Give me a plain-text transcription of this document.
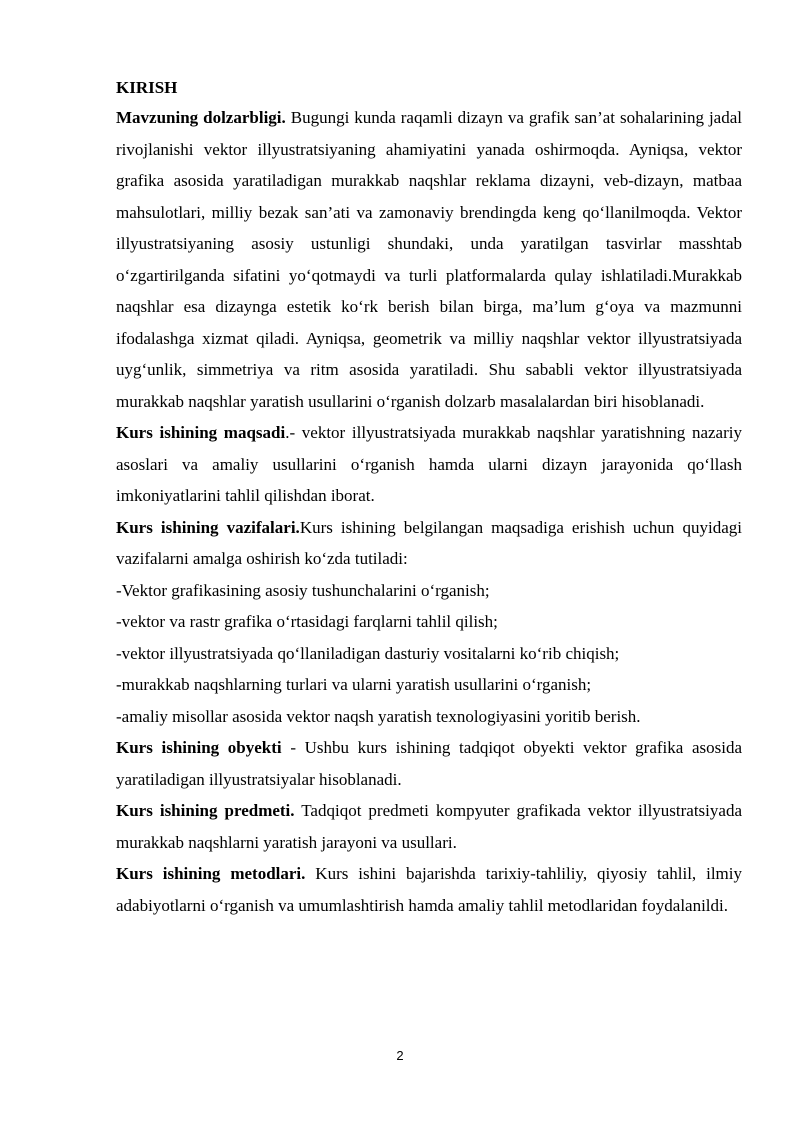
KIRISH

Mavzuning dolzarbligi. Bugungi kunda raqamli dizayn va grafik san’at sohalarining jadal rivojlanishi vektor illyustratsiyaning ahamiyatini yanada oshirmoqda. Ayniqsa, vektor grafika asosida yaratiladigan murakkab naqshlar reklama dizayni, veb-dizayn, matbaa mahsulotlari, milliy bezak san’ati va zamonaviy brendingda keng qo‘llanilmoqda. Vektor illyustratsiyaning asosiy ustunligi shundaki, unda yaratilgan tasvirlar masshtab o‘zgartirilganda sifatini yo‘qotmaydi va turli platformalarda qulay ishlatiladi.Murakkab naqshlar esa dizaynga estetik ko‘rk berish bilan birga, ma’lum g‘oya va mazmunni ifodalashga xizmat qiladi. Ayniqsa, geometrik va milliy naqshlar vektor illyustratsiyada uyg‘unlik, simmetriya va ritm asosida yaratiladi. Shu sababli vektor illyustratsiyada murakkab naqshlar yaratish usullarini o‘rganish dolzarb masalalardan biri hisoblanadi.

Kurs ishining maqsadi.- vektor illyustratsiyada murakkab naqshlar yaratishning nazariy asoslari va amaliy usullarini o‘rganish hamda ularni dizayn jarayonida qo‘llash imkoniyatlarini tahlil qilishdan iborat.

Kurs ishining vazifalari.Kurs ishining belgilangan maqsadiga erishish uchun quyidagi vazifalarni amalga oshirish ko‘zda tutiladi:

-Vektor grafikasining asosiy tushunchalarini o‘rganish;

-vektor va rastr grafika o‘rtasidagi farqlarni tahlil qilish;

-vektor illyustratsiyada qo‘llaniladigan dasturiy vositalarni ko‘rib chiqish;

-murakkab naqshlarning turlari va ularni yaratish usullarini o‘rganish;

-amaliy misollar asosida vektor naqsh yaratish texnologiyasini yoritib berish.

Kurs ishining obyekti - Ushbu kurs ishining tadqiqot obyekti vektor grafika asosida yaratiladigan illyustratsiyalar hisoblanadi.

Kurs ishining predmeti. Tadqiqot predmeti kompyuter grafikada vektor illyustratsiyada murakkab naqshlarni yaratish jarayoni va usullari.

Kurs ishining metodlari. Kurs ishini bajarishda tarixiy-tahliliy, qiyosiy tahlil, ilmiy adabiyotlarni o‘rganish va umumlashtirish hamda amaliy tahlil metodlaridan foydalanildi.

2
